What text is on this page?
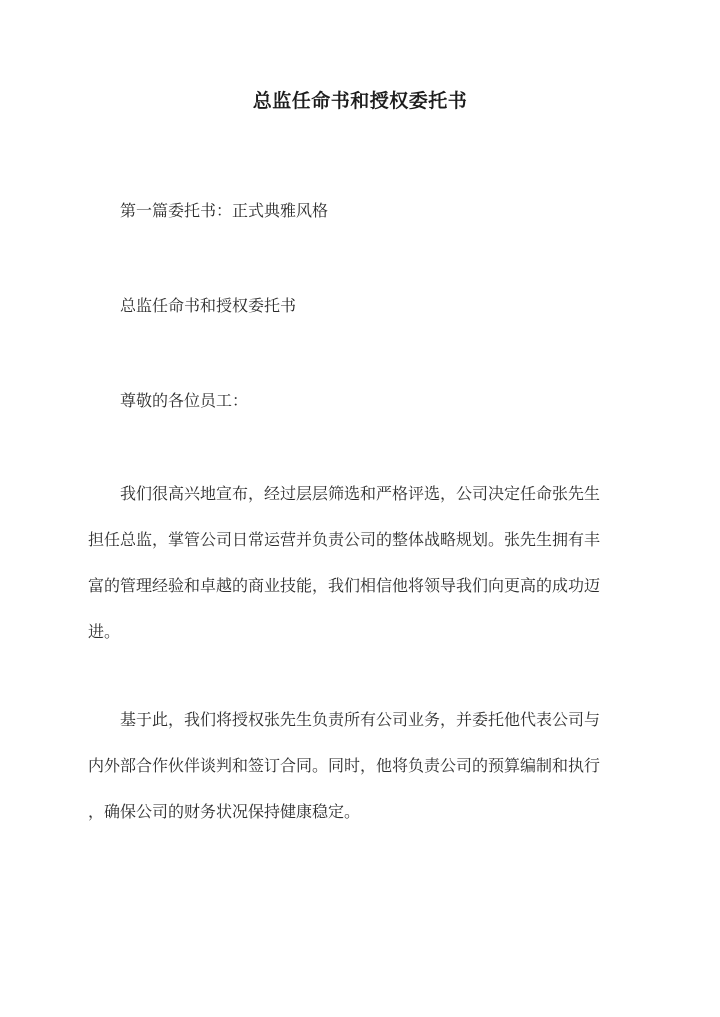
总监任命书和授权委托书
第一篇委托书：正式典雅风格
总监任命书和授权委托书
尊敬的各位员工：
我们很高兴地宣布，经过层层筛选和严格评选，公司决定任命张先生
担任总监，掌管公司日常运营并负责公司的整体战略规划。张先生拥有丰
富的管理经验和卓越的商业技能，我们相信他将领导我们向更高的成功迈
进。
基于此，我们将授权张先生负责所有公司业务，并委托他代表公司与
内外部合作伙伴谈判和签订合同。同时，他将负责公司的预算编制和执行
，确保公司的财务状况保持健康稳定。
